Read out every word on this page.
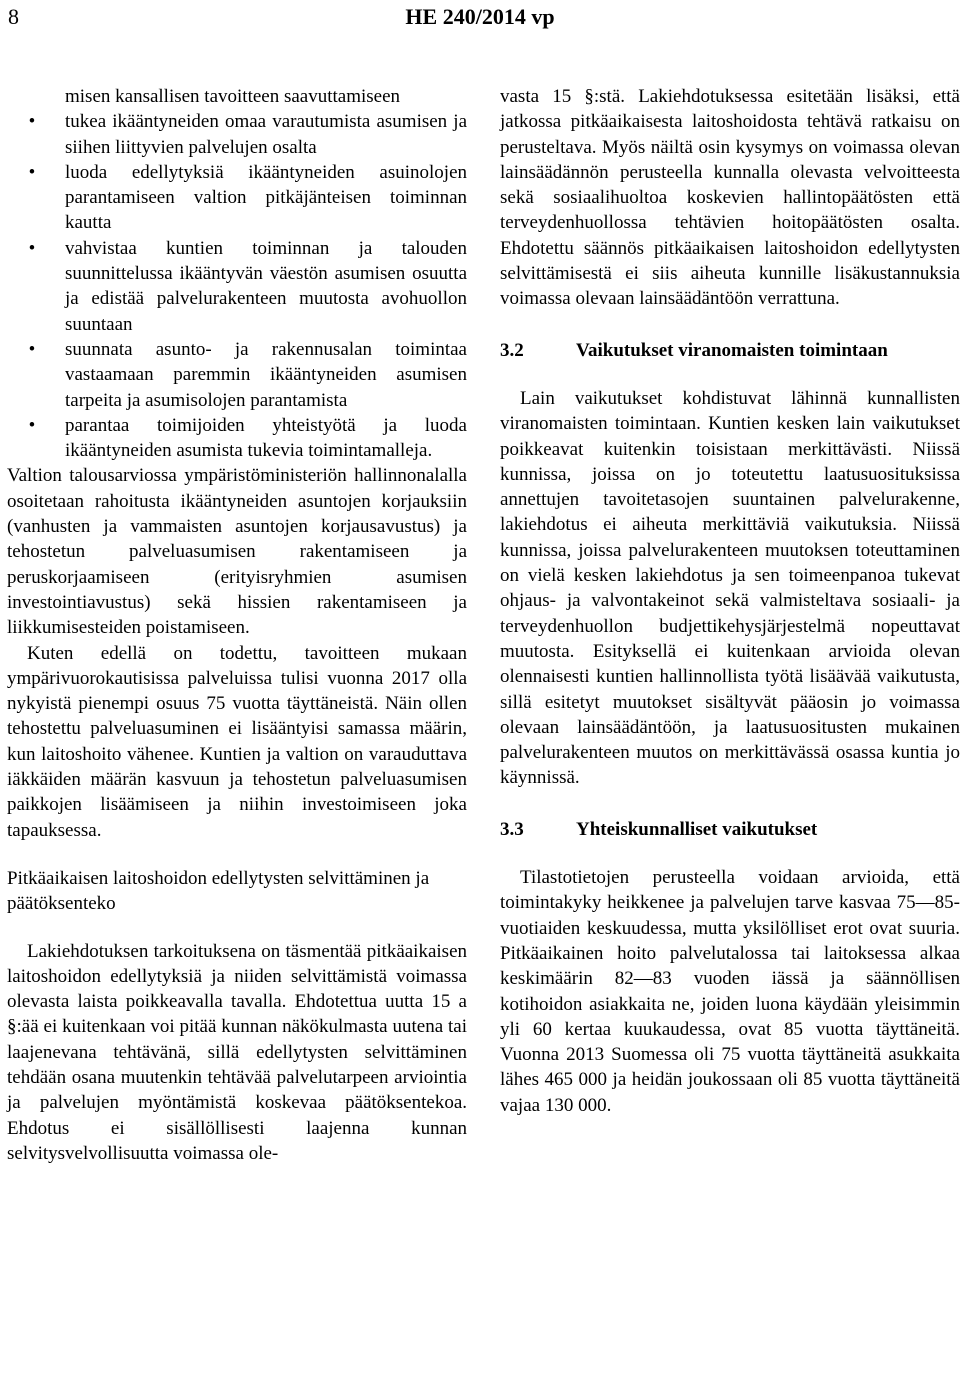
8	HE 240/2014 vp

misen kansallisen tavoitteen saavuttamiseen

• tukea ikääntyneiden omaa varautumista asumisen ja siihen liittyvien palvelujen osalta
• luoda edellytyksiä ikääntyneiden asuinolojen parantamiseen valtion pitkäjänteisen toiminnan kautta
• vahvistaa kuntien toiminnan ja talouden suunnittelussa ikääntyvän väestön asumisen osuutta ja edistää palvelurakenteen muutosta avohuollon suuntaan
• suunnata asunto- ja rakennusalan toimintaa vastaamaan paremmin ikääntyneiden asumisen tarpeita ja asumisolojen parantamista
• parantaa toimijoiden yhteistyötä ja luoda ikääntyneiden asumista tukevia toimintamalleja.

Valtion talousarviossa ympäristöministeriön hallinnonalalla osoitetaan rahoitusta ikääntyneiden asuntojen korjauksiin (vanhusten ja vammaisten asuntojen korjausavustus) ja tehostetun palveluasumisen rakentamiseen ja peruskorjaamiseen (erityisryhmien asumisen investointiavustus) sekä hissien rakentamiseen ja liikkumisesteiden poistamiseen.

Kuten edellä on todettu, tavoitteen mukaan ympärivuorokautisissa palveluissa tulisi vuonna 2017 olla nykyistä pienempi osuus 75 vuotta täyttäneistä. Näin ollen tehostettu palveluasuminen ei lisääntyisi samassa määrin, kun laitoshoito vähenee. Kuntien ja valtion on varauduttava iäkkäiden määrän kasvuun ja tehostetun palveluasumisen paikkojen lisäämiseen ja niihin investoimiseen joka tapauksessa.

Pitkäaikaisen laitoshoidon edellytysten selvittäminen ja päätöksenteko

Lakiehdotuksen tarkoituksena on täsmentää pitkäaikaisen laitoshoidon edellytyksiä ja niiden selvittämistä voimassa olevasta laista poikkeavalla tavalla. Ehdotettua uutta 15 a §:ää ei kuitenkaan voi pitää kunnan näkökulmasta uutena tai laajenevana tehtävänä, sillä edellytysten selvittäminen tehdään osana muutenkin tehtävää palvelutarpeen arviointia ja palvelujen myöntämistä koskevaa päätöksentekoa. Ehdotus ei sisällöllisesti laajenna kunnan selvitysvelvollisuutta voimassa ole-

vasta 15 §:stä. Lakiehdotuksessa esitetään lisäksi, että jatkossa pitkäaikaisesta laitoshoidosta tehtävä ratkaisu on perusteltava. Myös näiltä osin kysymys on voimassa olevan lainsäädännön perusteella kunnalla olevasta velvoitteesta sekä sosiaalihuoltoa koskevien hallintopäätösten että terveydenhuollossa tehtävien hoitopäätösten osalta. Ehdotettu säännös pitkäaikaisen laitoshoidon edellytysten selvittämisestä ei siis aiheuta kunnille lisäkustannuksia voimassa olevaan lainsäädäntöön verrattuna.

3.2	Vaikutukset viranomaisten toimintaan

Lain vaikutukset kohdistuvat lähinnä kunnallisten viranomaisten toimintaan. Kuntien kesken lain vaikutukset poikkeavat kuitenkin toisistaan merkittävästi. Niissä kunnissa, joissa on jo toteutettu laatusuosituksissa annettujen tavoitetasojen suuntainen palvelurakenne, lakiehdotus ei aiheuta merkittäviä vaikutuksia. Niissä kunnissa, joissa palvelurakenteen muutoksen toteuttaminen on vielä kesken lakiehdotus ja sen toimeenpanoa tukevat ohjaus- ja valvontakeinot sekä valmisteltava sosiaali- ja terveydenhuollon budjettikehysjärjestelmä nopeuttavat muutosta. Esityksellä ei kuitenkaan arvioida olevan olennaisesti kuntien hallinnollista työtä lisäävää vaikutusta, sillä esitetyt muutokset sisältyvät pääosin jo voimassa olevaan lainsäädäntöön, ja laatusuositusten mukainen palvelurakenteen muutos on merkittävässä osassa kuntia jo käynnissä.

3.3	Yhteiskunnalliset vaikutukset

Tilastotietojen perusteella voidaan arvioida, että toimintakyky heikkenee ja palvelujen tarve kasvaa 75—85-vuotiaiden keskuudessa, mutta yksilölliset erot ovat suuria. Pitkäaikainen hoito palvelutalossa tai laitoksessa alkaa keskimäärin 82—83 vuoden iässä ja säännöllisen kotihoidon asiakkaita ne, joiden luona käydään yleisimmin yli 60 kertaa kuukaudessa, ovat 85 vuotta täyttäneitä. Vuonna 2013 Suomessa oli 75 vuotta täyttäneitä asukkaita lähes 465 000 ja heidän joukossaan oli 85 vuotta täyttäneitä vajaa 130 000.
